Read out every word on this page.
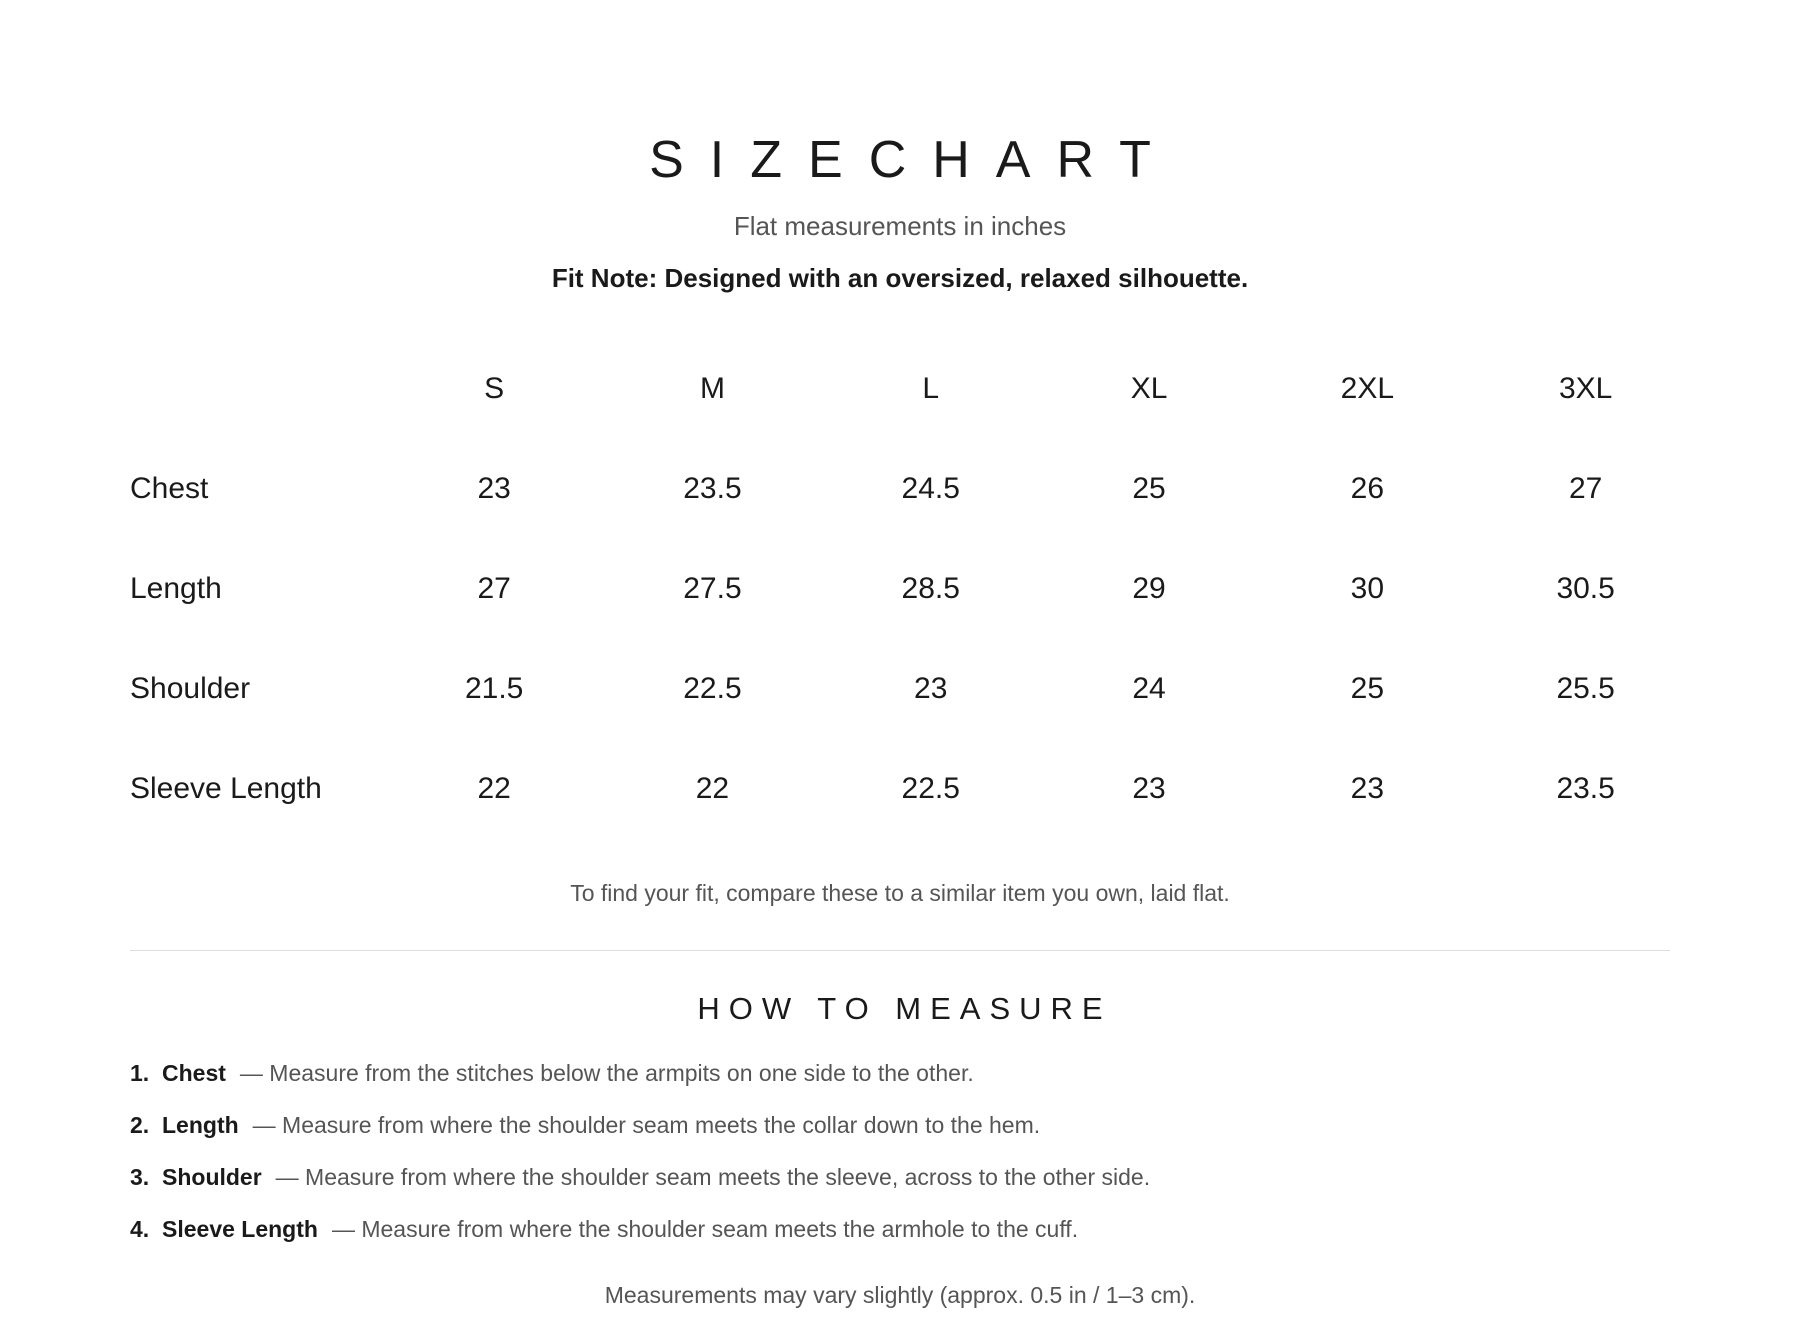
SIZECHART
Flat measurements in inches
Fit Note: Designed with an oversized, relaxed silhouette.
	S	M	L	XL	2XL	3XL
Chest	23	23.5	24.5	25	26	27
Length	27	27.5	28.5	29	30	30.5
Shoulder	21.5	22.5	23	24	25	25.5
Sleeve Length	22	22	22.5	23	23	23.5
To find your fit, compare these to a similar item you own, laid flat.
HOW TO MEASURE
1. Chest — Measure from the stitches below the armpits on one side to the other.
2. Length — Measure from where the shoulder seam meets the collar down to the hem.
3. Shoulder — Measure from where the shoulder seam meets the sleeve, across to the other side.
4. Sleeve Length — Measure from where the shoulder seam meets the armhole to the cuff.
Measurements may vary slightly (approx. 0.5 in / 1–3 cm).
